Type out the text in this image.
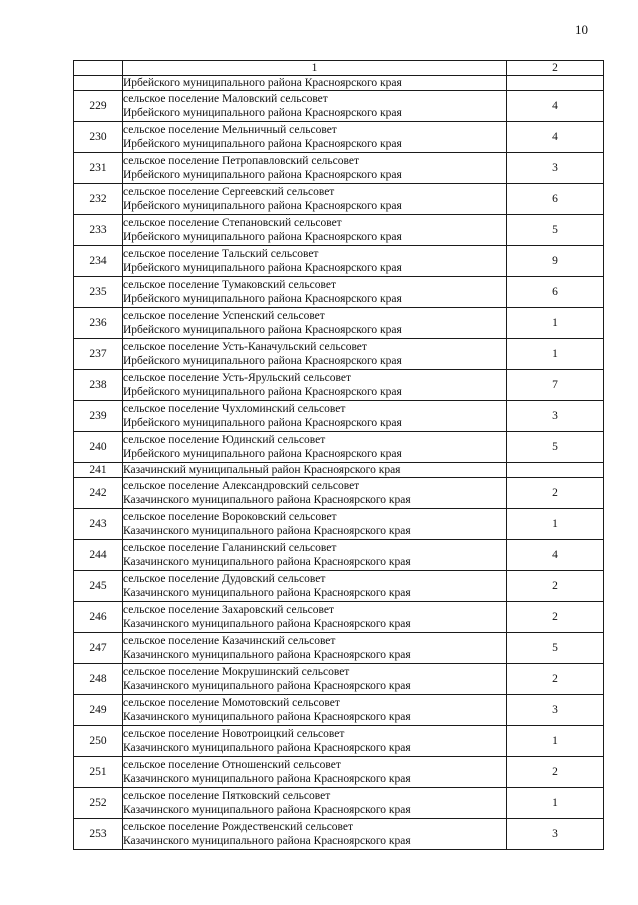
10
	1	2
	Ирбейского муниципального района Красноярского края	
229	сельское поселение Маловский сельсовет
Ирбейского муниципального района Красноярского края	4
230	сельское поселение Мельничный сельсовет
Ирбейского муниципального района Красноярского края	4
231	сельское поселение Петропавловский сельсовет
Ирбейского муниципального района Красноярского края	3
232	сельское поселение Сергеевский сельсовет
Ирбейского муниципального района Красноярского края	6
233	сельское поселение Степановский сельсовет
Ирбейского муниципального района Красноярского края	5
234	сельское поселение Тальский сельсовет
Ирбейского муниципального района Красноярского края	9
235	сельское поселение Тумаковский сельсовет
Ирбейского муниципального района Красноярского края	6
236	сельское поселение Успенский сельсовет
Ирбейского муниципального района Красноярского края	1
237	сельское поселение Усть-Каначульский сельсовет
Ирбейского муниципального района Красноярского края	1
238	сельское поселение Усть-Ярульский сельсовет
Ирбейского муниципального района Красноярского края	7
239	сельское поселение Чухломинский сельсовет
Ирбейского муниципального района Красноярского края	3
240	сельское поселение Юдинский сельсовет
Ирбейского муниципального района Красноярского края	5
241	Казачинский муниципальный район Красноярского края	

242	сельское поселение Александровский сельсовет
Казачинского муниципального района Красноярского края	2
243	сельское поселение Вороковский сельсовет
Казачинского муниципального района Красноярского края	1
244	сельское поселение Галанинский сельсовет
Казачинского муниципального района Красноярского края	4
245	сельское поселение Дудовский сельсовет
Казачинского муниципального района Красноярского края	2
246	сельское поселение Захаровский сельсовет
Казачинского муниципального района Красноярского края	2
247	сельское поселение Казачинский сельсовет
Казачинского муниципального района Красноярского края	5
248	сельское поселение Мокрушинский сельсовет
Казачинского муниципального района Красноярского края	2
249	сельское поселение Момотовский сельсовет
Казачинского муниципального района Красноярского края	3
250	сельское поселение Новотроицкий сельсовет
Казачинского муниципального района Красноярского края	1
251	сельское поселение Отношенский сельсовет
Казачинского муниципального района Красноярского края	2
252	сельское поселение Пятковский сельсовет
Казачинского муниципального района Красноярского края	1
253	сельское поселение Рождественский сельсовет
Казачинского муниципального района Красноярского края	3
